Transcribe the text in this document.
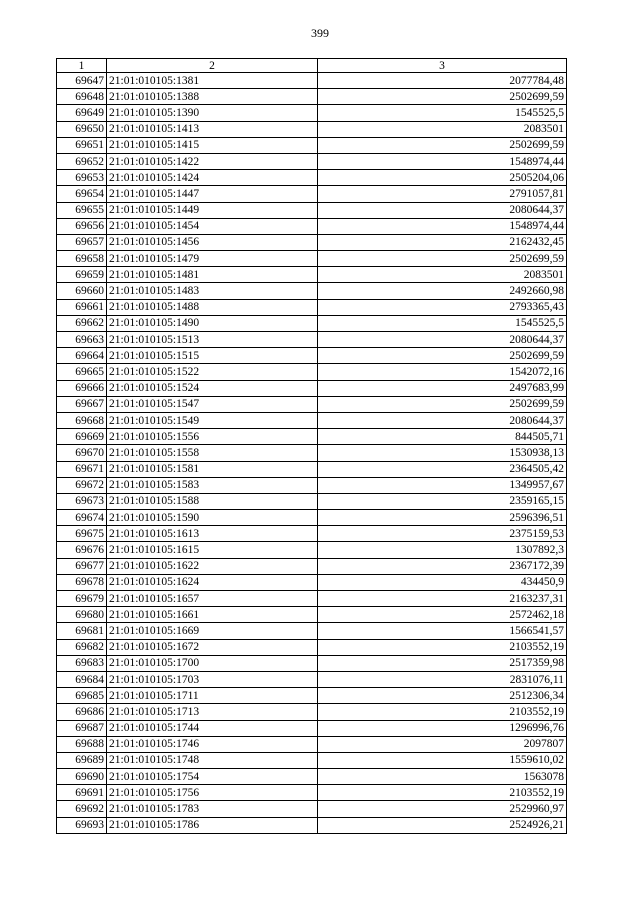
399
1	2	3
69647	21:01:010105:1381	2077784,48
69648	21:01:010105:1388	2502699,59
69649	21:01:010105:1390	1545525,5
69650	21:01:010105:1413	2083501
69651	21:01:010105:1415	2502699,59
69652	21:01:010105:1422	1548974,44
69653	21:01:010105:1424	2505204,06
69654	21:01:010105:1447	2791057,81
69655	21:01:010105:1449	2080644,37
69656	21:01:010105:1454	1548974,44
69657	21:01:010105:1456	2162432,45
69658	21:01:010105:1479	2502699,59
69659	21:01:010105:1481	2083501
69660	21:01:010105:1483	2492660,98
69661	21:01:010105:1488	2793365,43
69662	21:01:010105:1490	1545525,5
69663	21:01:010105:1513	2080644,37
69664	21:01:010105:1515	2502699,59
69665	21:01:010105:1522	1542072,16
69666	21:01:010105:1524	2497683,99
69667	21:01:010105:1547	2502699,59
69668	21:01:010105:1549	2080644,37
69669	21:01:010105:1556	844505,71
69670	21:01:010105:1558	1530938,13
69671	21:01:010105:1581	2364505,42
69672	21:01:010105:1583	1349957,67
69673	21:01:010105:1588	2359165,15
69674	21:01:010105:1590	2596396,51
69675	21:01:010105:1613	2375159,53
69676	21:01:010105:1615	1307892,3
69677	21:01:010105:1622	2367172,39
69678	21:01:010105:1624	434450,9
69679	21:01:010105:1657	2163237,31
69680	21:01:010105:1661	2572462,18
69681	21:01:010105:1669	1566541,57
69682	21:01:010105:1672	2103552,19
69683	21:01:010105:1700	2517359,98
69684	21:01:010105:1703	2831076,11
69685	21:01:010105:1711	2512306,34
69686	21:01:010105:1713	2103552,19
69687	21:01:010105:1744	1296996,76
69688	21:01:010105:1746	2097807
69689	21:01:010105:1748	1559610,02
69690	21:01:010105:1754	1563078
69691	21:01:010105:1756	2103552,19
69692	21:01:010105:1783	2529960,97
69693	21:01:010105:1786	2524926,21
